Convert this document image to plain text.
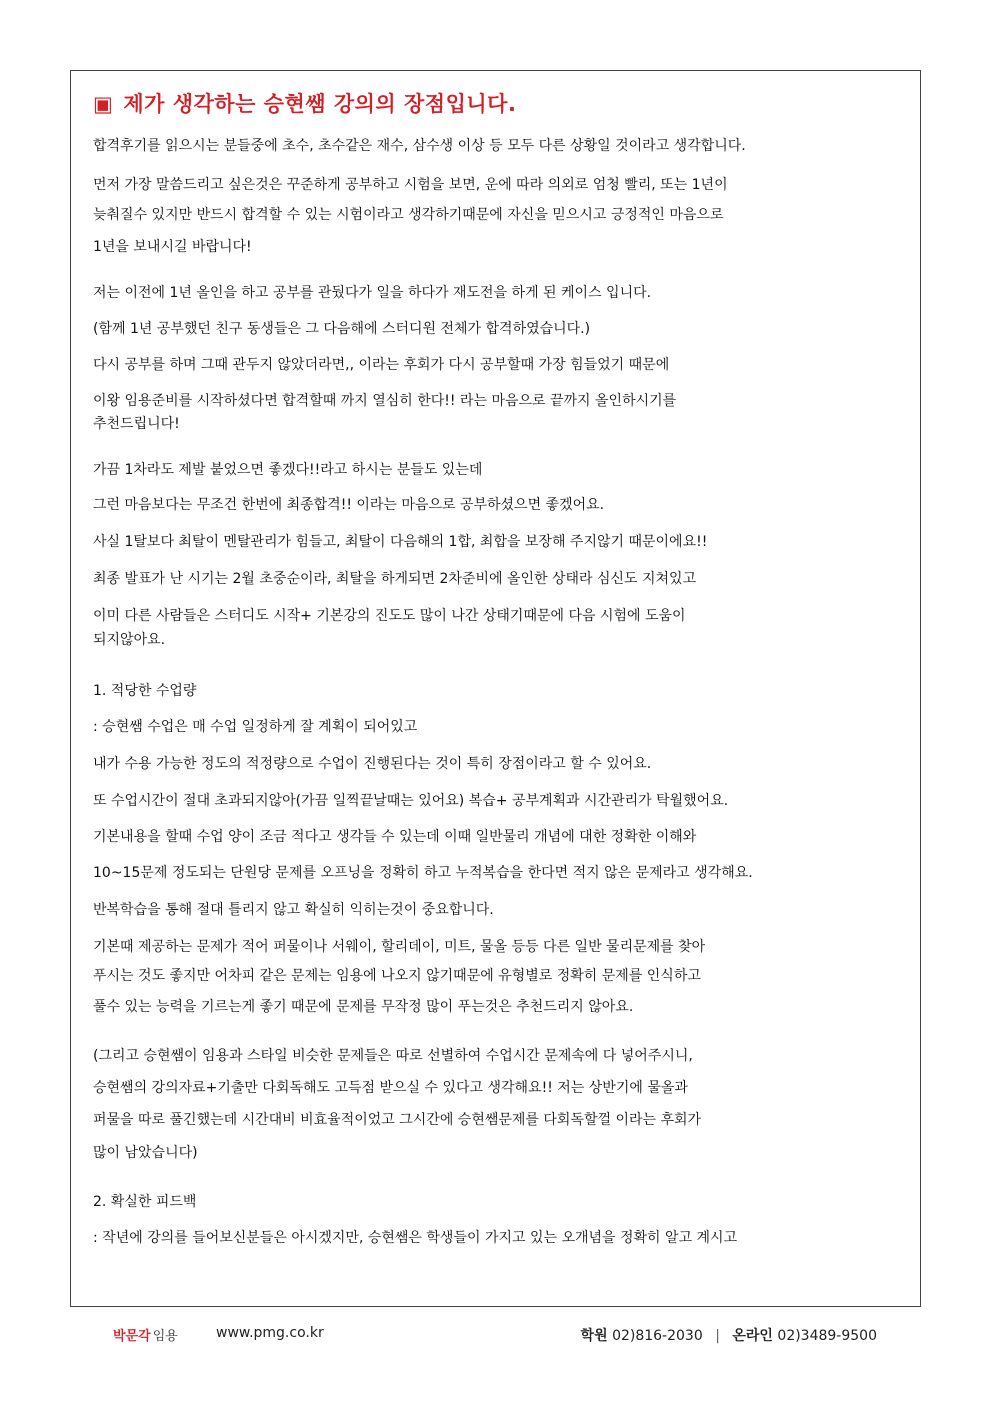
▣ 제가 생각하는 승현쌤 강의의 장점입니다.
합격후기를 읽으시는 분들중에 초수, 초수같은 재수, 삼수생 이상 등 모두 다른 상황일 것이라고 생각합니다.
먼저 가장 말씀드리고 싶은것은 꾸준하게 공부하고 시험을 보면, 운에 따라 의외로 엄청 빨리, 또는 1년이
늦춰질수 있지만 반드시 합격할 수 있는 시험이라고 생각하기때문에 자신을 믿으시고 긍정적인 마음으로
1년을 보내시길 바랍니다!
저는 이전에 1년 올인을 하고 공부를 관뒀다가 일을 하다가 재도전을 하게 된 케이스 입니다.
(함께 1년 공부했던 친구 동생들은 그 다음해에 스터디원 전체가 합격하였습니다.)
다시 공부를 하며 그때 관두지 않았더라면,, 이라는 후회가 다시 공부할때 가장 힘들었기 때문에
이왕 임용준비를 시작하셨다면 합격할때 까지 열심히 한다!! 라는 마음으로 끝까지 올인하시기를
추천드립니다!
가끔 1차라도 제발 붙었으면 좋겠다!!라고 하시는 분들도 있는데
그런 마음보다는 무조건 한번에 최종합격!! 이라는 마음으로 공부하셨으면 좋겠어요.
사실 1탈보다 최탈이 멘탈관리가 힘들고, 최탈이 다음해의 1합, 최합을 보장해 주지않기 때문이에요!!
최종 발표가 난 시기는 2월 초중순이라, 최탈을 하게되면 2차준비에 올인한 상태라 심신도 지쳐있고
이미 다른 사람들은 스터디도 시작+ 기본강의 진도도 많이 나간 상태기때문에 다음 시험에 도움이
되지않아요.
1. 적당한 수업량
: 승현쌤 수업은 매 수업 일정하게 잘 계획이 되어있고
내가 수용 가능한 정도의 적정량으로 수업이 진행된다는 것이 특히 장점이라고 할 수 있어요.
또 수업시간이 절대 초과되지않아(가끔 일찍끝날때는 있어요) 복습+ 공부계획과 시간관리가 탁월했어요.
기본내용을 할때 수업 양이 조금 적다고 생각들 수 있는데 이때 일반물리 개념에 대한 정확한 이해와
10~15문제 정도되는 단원당 문제를 오프닝을 정확히 하고 누적복습을 한다면 적지 않은 문제라고 생각해요.
반복학습을 통해 절대 틀리지 않고 확실히 익히는것이 중요합니다.
기본때 제공하는 문제가 적어 퍼물이나 서웨이, 할리데이, 미트, 물올 등등 다른 일반 물리문제를 찾아
푸시는 것도 좋지만 어차피 같은 문제는 임용에 나오지 않기때문에 유형별로 정확히 문제를 인식하고
풀수 있는 능력을 기르는게 좋기 때문에 문제를 무작정 많이 푸는것은 추천드리지 않아요.
(그리고 승현쌤이 임용과 스타일 비슷한 문제들은 따로 선별하여 수업시간 문제속에 다 넣어주시니,
승현쌤의 강의자료+기출만 다회독해도 고득점 받으실 수 있다고 생각해요!! 저는 상반기에 물올과
퍼물을 따로 풀긴했는데 시간대비 비효율적이었고 그시간에 승현쌤문제를 다회독할껄 이라는 후회가
많이 남았습니다)
2. 확실한 피드백
: 작년에 강의를 들어보신분들은 아시겠지만, 승현쌤은 학생들이 가지고 있는 오개념을 정확히 알고 계시고
박문각 임용	www.pmg.co.kr	학원 02)816-2030 | 온라인 02)3489-9500
